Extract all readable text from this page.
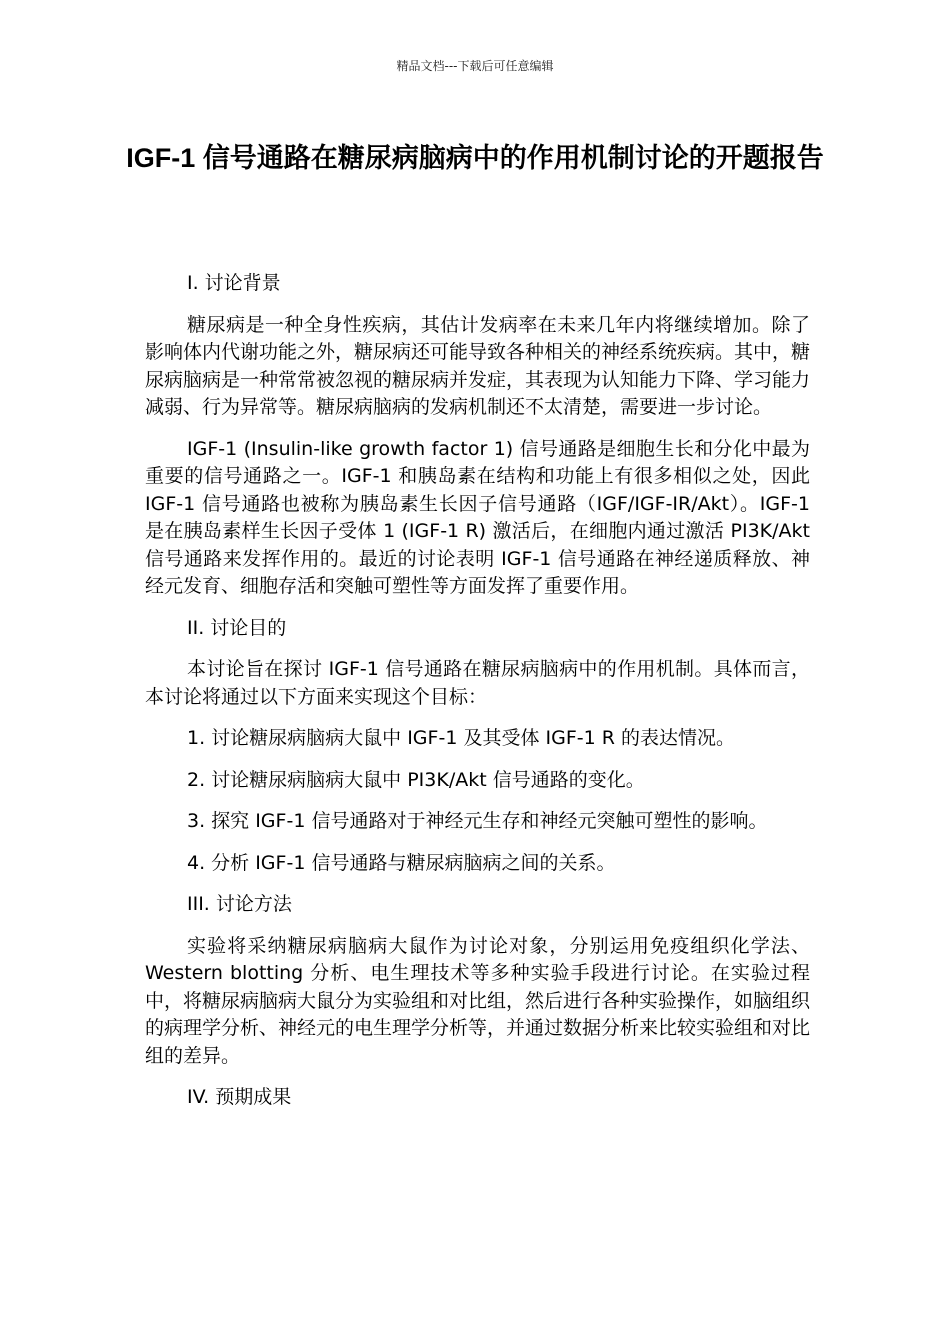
精品文档---下载后可任意编辑
IGF-1 信号通路在糖尿病脑病中的作用机制讨论的开题报告
I. 讨论背景
糖尿病是一种全身性疾病，其估计发病率在未来几年内将继续增加。除了影响体内代谢功能之外，糖尿病还可能导致各种相关的神经系统疾病。其中，糖尿病脑病是一种常常被忽视的糖尿病并发症，其表现为认知能力下降、学习能力减弱、行为异常等。糖尿病脑病的发病机制还不太清楚，需要进一步讨论。
IGF-1 (Insulin-like growth factor 1) 信号通路是细胞生长和分化中最为重要的信号通路之一。IGF-1 和胰岛素在结构和功能上有很多相似之处，因此 IGF-1 信号通路也被称为胰岛素生长因子信号通路（IGF/IGF-IR/Akt）。IGF-1 是在胰岛素样生长因子受体 1 (IGF-1 R) 激活后，在细胞内通过激活 PI3K/Akt 信号通路来发挥作用的。最近的讨论表明 IGF-1 信号通路在神经递质释放、神经元发育、细胞存活和突触可塑性等方面发挥了重要作用。
II. 讨论目的
本讨论旨在探讨 IGF-1 信号通路在糖尿病脑病中的作用机制。具体而言，本讨论将通过以下方面来实现这个目标：
1. 讨论糖尿病脑病大鼠中 IGF-1 及其受体 IGF-1 R 的表达情况。
2. 讨论糖尿病脑病大鼠中 PI3K/Akt 信号通路的变化。
3. 探究 IGF-1 信号通路对于神经元生存和神经元突触可塑性的影响。
4. 分析 IGF-1 信号通路与糖尿病脑病之间的关系。
III. 讨论方法
实验将采纳糖尿病脑病大鼠作为讨论对象，分别运用免疫组织化学法、Western blotting 分析、电生理技术等多种实验手段进行讨论。在实验过程中，将糖尿病脑病大鼠分为实验组和对比组，然后进行各种实验操作，如脑组织的病理学分析、神经元的电生理学分析等，并通过数据分析来比较实验组和对比组的差异。
IV. 预期成果
